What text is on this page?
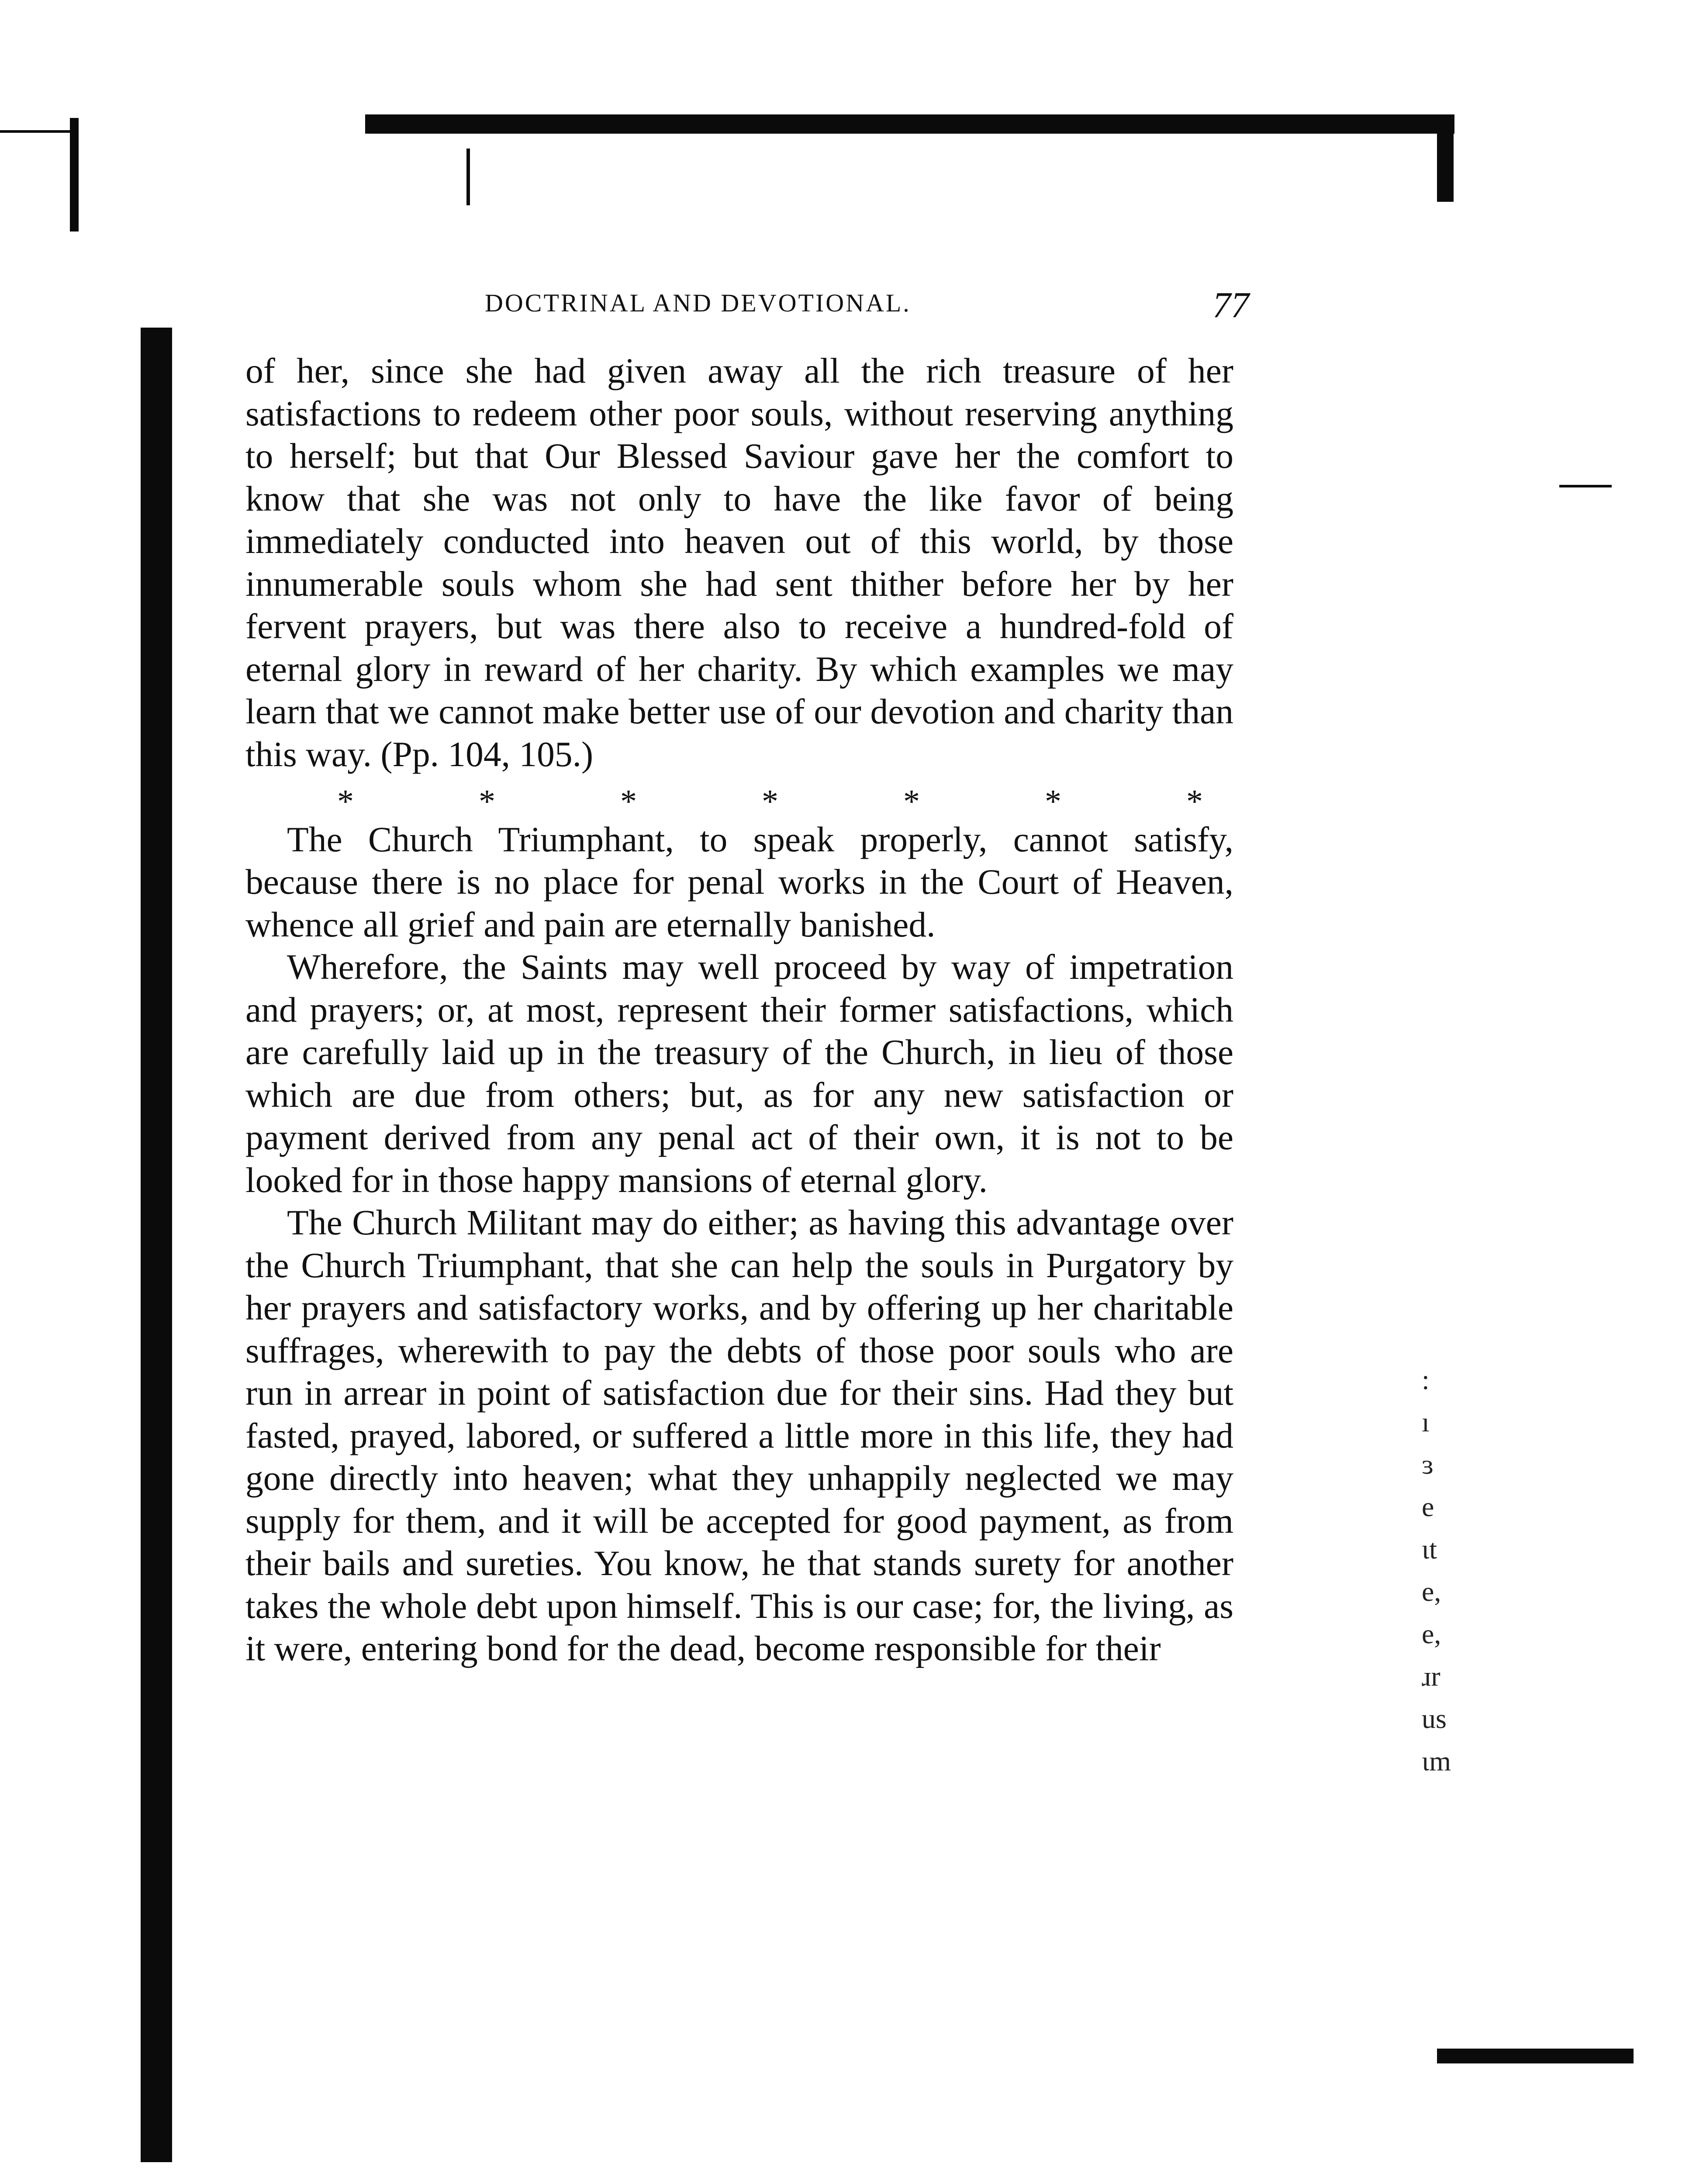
DOCTRINAL AND DEVOTIONAL.	77

of her, since she had given away all the rich treasure of her satisfactions to redeem other poor souls, without reserving anything to herself; but that Our Blessed Saviour gave her the comfort to know that she was not only to have the like favor of being immediately conducted into heaven out of this world, by those innumerable souls whom she had sent thither before her by her fervent prayers, but was there also to receive a hundred-fold of eternal glory in reward of her charity. By which examples we may learn that we cannot make better use of our devotion and charity than this way. (Pp. 104, 105.)

*	*	*	*	*	*	*

The Church Triumphant, to speak properly, cannot satisfy, because there is no place for penal works in the Court of Heaven, whence all grief and pain are eternally banished.

Wherefore, the Saints may well proceed by way of impetration and prayers; or, at most, represent their former satisfactions, which are carefully laid up in the treasury of the Church, in lieu of those which are due from others; but, as for any new satisfaction or payment derived from any penal act of their own, it is not to be looked for in those happy mansions of eternal glory.

The Church Militant may do either; as having this advantage over the Church Triumphant, that she can help the souls in Purgatory by her prayers and satisfactory works, and by offering up her charitable suffrages, wherewith to pay the debts of those poor souls who are run in arrear in point of satisfaction due for their sins. Had they but fasted, prayed, labored, or suffered a little more in this life, they had gone directly into heaven; what they unhappily neglected we may supply for them, and it will be accepted for good payment, as from their bails and sureties. You know, he that stands surety for another takes the whole debt upon himself. This is our case; for, the living, as it were, entering bond for the dead, become responsible for their

:
ı
ɜ
e
ιt
e,
e,
ɹr
us
ιm
